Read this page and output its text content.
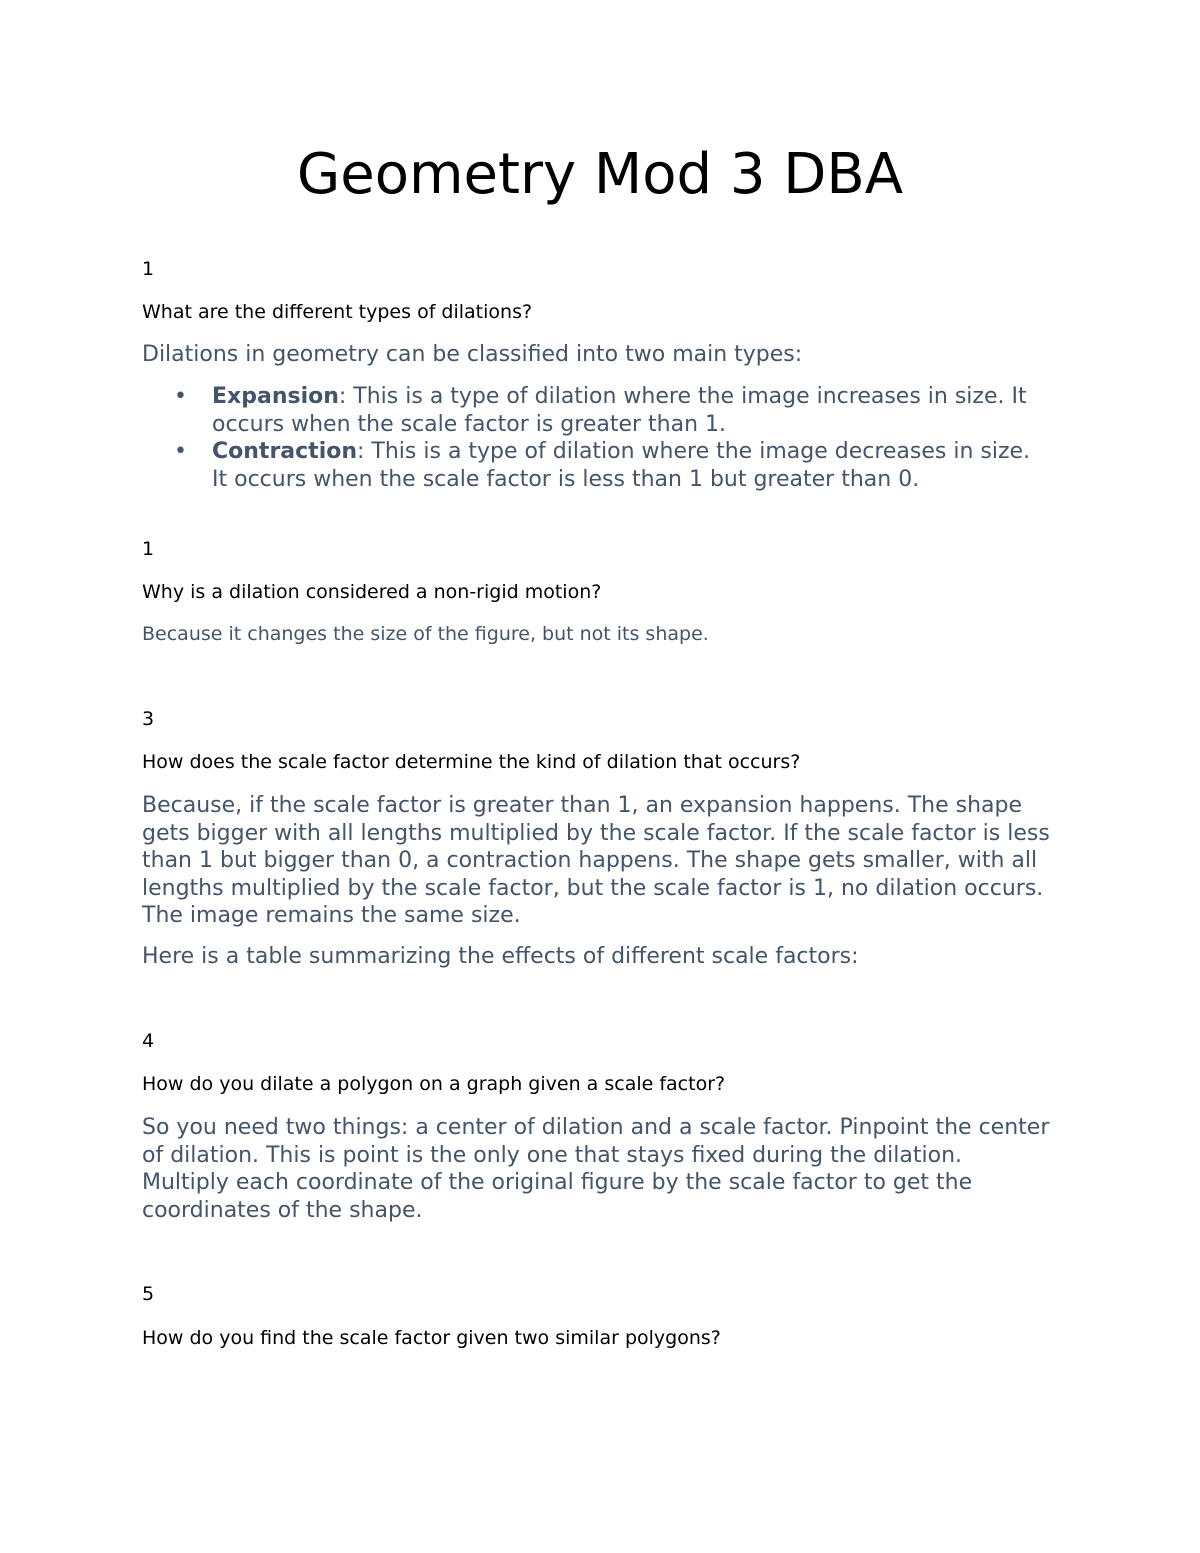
Geometry Mod 3 DBA

1

What are the different types of dilations?

Dilations in geometry can be classified into two main types:

• Expansion: This is a type of dilation where the image increases in size. It occurs when the scale factor is greater than 1.
• Contraction: This is a type of dilation where the image decreases in size. It occurs when the scale factor is less than 1 but greater than 0.

1

Why is a dilation considered a non-rigid motion?

Because it changes the size of the figure, but not its shape.

3

How does the scale factor determine the kind of dilation that occurs?

Because, if the scale factor is greater than 1, an expansion happens. The shape gets bigger with all lengths multiplied by the scale factor. If the scale factor is less than 1 but bigger than 0, a contraction happens. The shape gets smaller, with all lengths multiplied by the scale factor, but the scale factor is 1, no dilation occurs. The image remains the same size.

Here is a table summarizing the effects of different scale factors:

4

How do you dilate a polygon on a graph given a scale factor?

So you need two things: a center of dilation and a scale factor. Pinpoint the center of dilation. This is point is the only one that stays fixed during the dilation. Multiply each coordinate of the original figure by the scale factor to get the coordinates of the shape.

5

How do you find the scale factor given two similar polygons?
